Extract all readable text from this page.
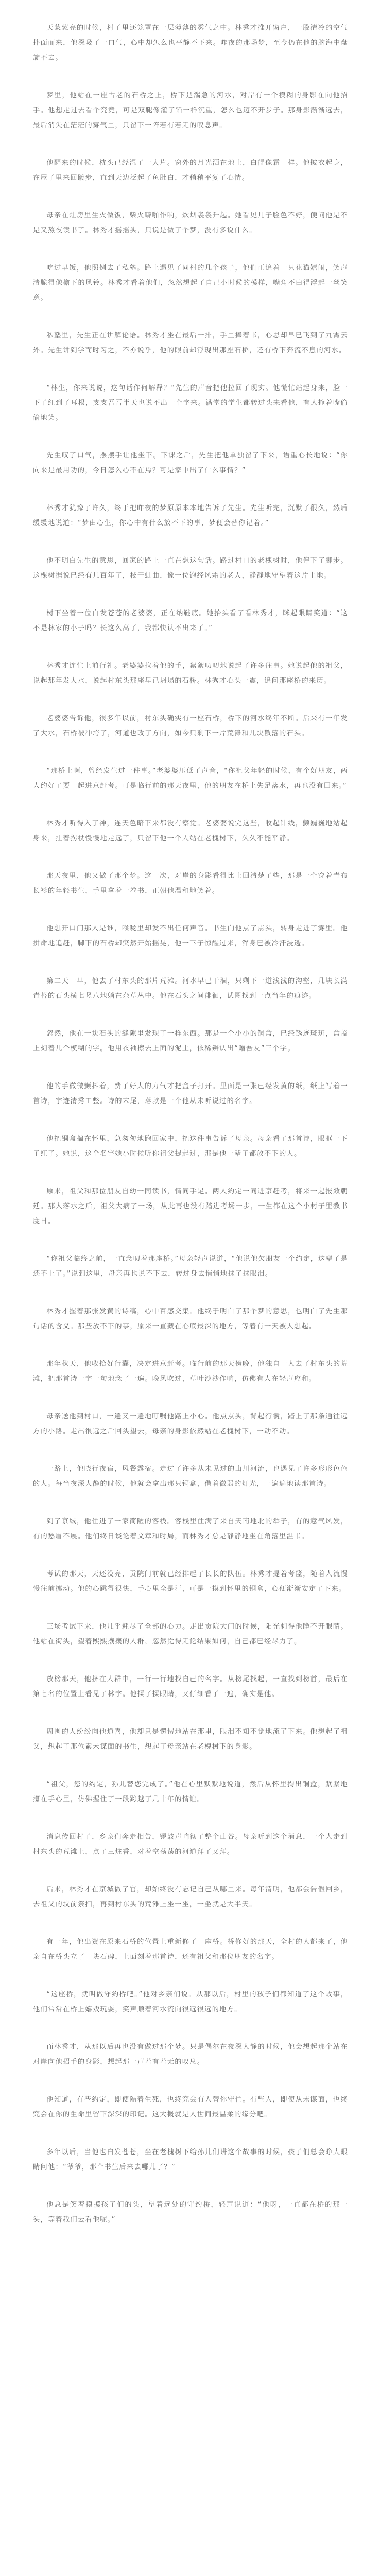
天蒙蒙亮的时候，村子里还笼罩在一层薄薄的雾气之中。林秀才推开窗户，一股清冷的空气扑面而来，他深吸了一口气，心中却怎么也平静不下来。昨夜的那场梦，至今仍在他的脑海中盘旋不去。

梦里，他站在一座古老的石桥之上，桥下是湍急的河水，对岸有一个模糊的身影在向他招手。他想走过去看个究竟，可是双腿像灌了铅一样沉重，怎么也迈不开步子。那身影渐渐远去，最后消失在茫茫的雾气里，只留下一阵若有若无的叹息声。

他醒来的时候，枕头已经湿了一大片。窗外的月光洒在地上，白得像霜一样。他披衣起身，在屋子里来回踱步，直到天边泛起了鱼肚白，才稍稍平复了心情。

母亲在灶房里生火做饭，柴火噼啪作响，炊烟袅袅升起。她看见儿子脸色不好，便问他是不是又熬夜读书了。林秀才摇摇头，只说是做了个梦，没有多说什么。

吃过早饭，他照例去了私塾。路上遇见了同村的几个孩子，他们正追着一只花猫嬉闹，笑声清脆得像檐下的风铃。林秀才看着他们，忽然想起了自己小时候的模样，嘴角不由得浮起一丝笑意。

私塾里，先生正在讲解论语。林秀才坐在最后一排，手里捧着书，心思却早已飞到了九霄云外。先生讲到学而时习之，不亦说乎，他的眼前却浮现出那座石桥，还有桥下奔流不息的河水。

“林生，你来说说，这句话作何解释？”先生的声音把他拉回了现实。他慌忙站起身来，脸一下子红到了耳根，支支吾吾半天也说不出一个字来。满堂的学生都转过头来看他，有人掩着嘴偷偷地笑。

先生叹了口气，摆摆手让他坐下。下课之后，先生把他单独留了下来，语重心长地说：“你向来是最用功的，今日怎么心不在焉？可是家中出了什么事情？”

林秀才犹豫了许久，终于把昨夜的梦原原本本地告诉了先生。先生听完，沉默了很久，然后缓缓地说道：“梦由心生，你心中有什么放不下的事，梦便会替你记着。”

他不明白先生的意思，回家的路上一直在想这句话。路过村口的老槐树时，他停下了脚步。这棵树据说已经有几百年了，枝干虬曲，像一位饱经风霜的老人，静静地守望着这片土地。

树下坐着一位白发苍苍的老婆婆，正在纳鞋底。她抬头看了看林秀才，眯起眼睛笑道：“这不是林家的小子吗？长这么高了，我都快认不出来了。”

林秀才连忙上前行礼。老婆婆拉着他的手，絮絮叨叨地说起了许多往事。她说起他的祖父，说起那年发大水，说起村东头那座早已坍塌的石桥。林秀才心头一震，追问那座桥的来历。

老婆婆告诉他，很多年以前，村东头确实有一座石桥，桥下的河水终年不断。后来有一年发了大水，石桥被冲垮了，河道也改了方向，如今只剩下一片荒滩和几块散落的石头。

“那桥上啊，曾经发生过一件事。”老婆婆压低了声音，“你祖父年轻的时候，有个好朋友，两人约好了要一起进京赶考。可是临行前的那天夜里，他的朋友在桥上失足落水，再也没有回来。”

林秀才听得入了神，连天色暗下来都没有察觉。老婆婆说完这些，收起针线，颤巍巍地站起身来，拄着拐杖慢慢地走远了，只留下他一个人站在老槐树下，久久不能平静。

那天夜里，他又做了那个梦。这一次，对岸的身影看得比上回清楚了些，那是一个穿着青布长衫的年轻书生，手里拿着一卷书，正朝他温和地笑着。

他想开口问那人是谁，喉咙里却发不出任何声音。书生向他点了点头，转身走进了雾里。他拼命地追赶，脚下的石桥却突然开始摇晃，他一下子惊醒过来，浑身已被冷汗浸透。

第二天一早，他去了村东头的那片荒滩。河水早已干涸，只剩下一道浅浅的沟壑，几块长满青苔的石头横七竖八地躺在杂草丛中。他在石头之间徘徊，试图找到一点当年的痕迹。

忽然，他在一块石头的缝隙里发现了一样东西。那是一个小小的铜盒，已经锈迹斑斑，盒盖上刻着几个模糊的字。他用衣袖擦去上面的泥土，依稀辨认出“赠吾友”三个字。

他的手微微颤抖着，费了好大的力气才把盒子打开。里面是一张已经发黄的纸，纸上写着一首诗，字迹清秀工整。诗的末尾，落款是一个他从未听说过的名字。

他把铜盒揣在怀里，急匆匆地跑回家中，把这件事告诉了母亲。母亲看了那首诗，眼眶一下子红了。她说，这个名字她小时候听你祖父提起过，那是他一辈子都放不下的人。

原来，祖父和那位朋友自幼一同读书，情同手足。两人约定一同进京赶考，将来一起报效朝廷。那人落水之后，祖父大病了一场，从此再也没有踏进考场一步，一生都在这个小村子里教书度日。

“你祖父临终之前，一直念叨着那座桥。”母亲轻声说道，“他说他欠朋友一个约定，这辈子是还不上了。”说到这里，母亲再也说不下去，转过身去悄悄地抹了抹眼泪。

林秀才握着那张发黄的诗稿，心中百感交集。他终于明白了那个梦的意思，也明白了先生那句话的含义。那些放不下的事，原来一直藏在心底最深的地方，等着有一天被人想起。

那年秋天，他收拾好行囊，决定进京赶考。临行前的那天傍晚，他独自一人去了村东头的荒滩，把那首诗一字一句地念了一遍。晚风吹过，草叶沙沙作响，仿佛有人在轻声应和。

母亲送他到村口，一遍又一遍地叮嘱他路上小心。他点点头，背起行囊，踏上了那条通往远方的小路。走出很远之后回头望去，母亲的身影依然站在老槐树下，一动不动。

一路上，他晓行夜宿，风餐露宿。走过了许多从未见过的山川河流，也遇见了许多形形色色的人。每当夜深人静的时候，他就会拿出那只铜盒，借着微弱的灯光，一遍遍地读那首诗。

到了京城，他住进了一家简陋的客栈。客栈里住满了来自天南地北的举子，有的意气风发，有的愁眉不展。他们终日谈论着文章和时局，而林秀才总是静静地坐在角落里温书。

考试的那天，天还没亮，贡院门前就已经排起了长长的队伍。林秀才提着考篮，随着人流慢慢往前挪动。他的心跳得很快，手心里全是汗，可是一摸到怀里的铜盒，心便渐渐安定了下来。

三场考试下来，他几乎耗尽了全部的心力。走出贡院大门的时候，阳光刺得他睁不开眼睛。他站在街头，望着熙熙攘攘的人群，忽然觉得无论结果如何，自己都已经尽力了。

放榜那天，他挤在人群中，一行一行地找自己的名字。从榜尾找起，一直找到榜首，最后在第七名的位置上看见了林字。他揉了揉眼睛，又仔细看了一遍，确实是他。

周围的人纷纷向他道喜，他却只是愣愣地站在那里，眼泪不知不觉地流了下来。他想起了祖父，想起了那位素未谋面的书生，想起了母亲站在老槐树下的身影。

“祖父，您的约定，孙儿替您完成了。”他在心里默默地说道，然后从怀里掏出铜盒，紧紧地攥在手心里，仿佛握住了一段跨越了几十年的情谊。

消息传回村子，乡亲们奔走相告，锣鼓声响彻了整个山谷。母亲听到这个消息，一个人走到村东头的荒滩上，点了三炷香，对着空荡荡的河道拜了又拜。

后来，林秀才在京城做了官，却始终没有忘记自己从哪里来。每年清明，他都会告假回乡，去祖父的坟前祭扫，再到村东头的荒滩上坐一坐，一坐就是大半天。

有一年，他出资在原来石桥的位置上重新修了一座桥。桥修好的那天，全村的人都来了，他亲自在桥头立了一块石碑，上面刻着那首诗，还有祖父和那位朋友的名字。

“这座桥，就叫做守约桥吧。”他对乡亲们说。从那以后，村里的孩子们都知道了这个故事，他们常常在桥上嬉戏玩耍，笑声顺着河水流向很远很远的地方。

而林秀才，从那以后再也没有做过那个梦。只是偶尔在夜深人静的时候，他会想起那个站在对岸向他招手的身影，想起那一声若有若无的叹息。

他知道，有些约定，即使隔着生死，也终究会有人替你守住。有些人，即使从未谋面，也终究会在你的生命里留下深深的印记。这大概就是人世间最温柔的缘分吧。

多年以后，当他也白发苍苍，坐在老槐树下给孙儿们讲这个故事的时候，孩子们总会睁大眼睛问他：“爷爷，那个书生后来去哪儿了？”

他总是笑着摸摸孩子们的头，望着远处的守约桥，轻声说道：“他呀，一直都在桥的那一头，等着我们去看他呢。”
